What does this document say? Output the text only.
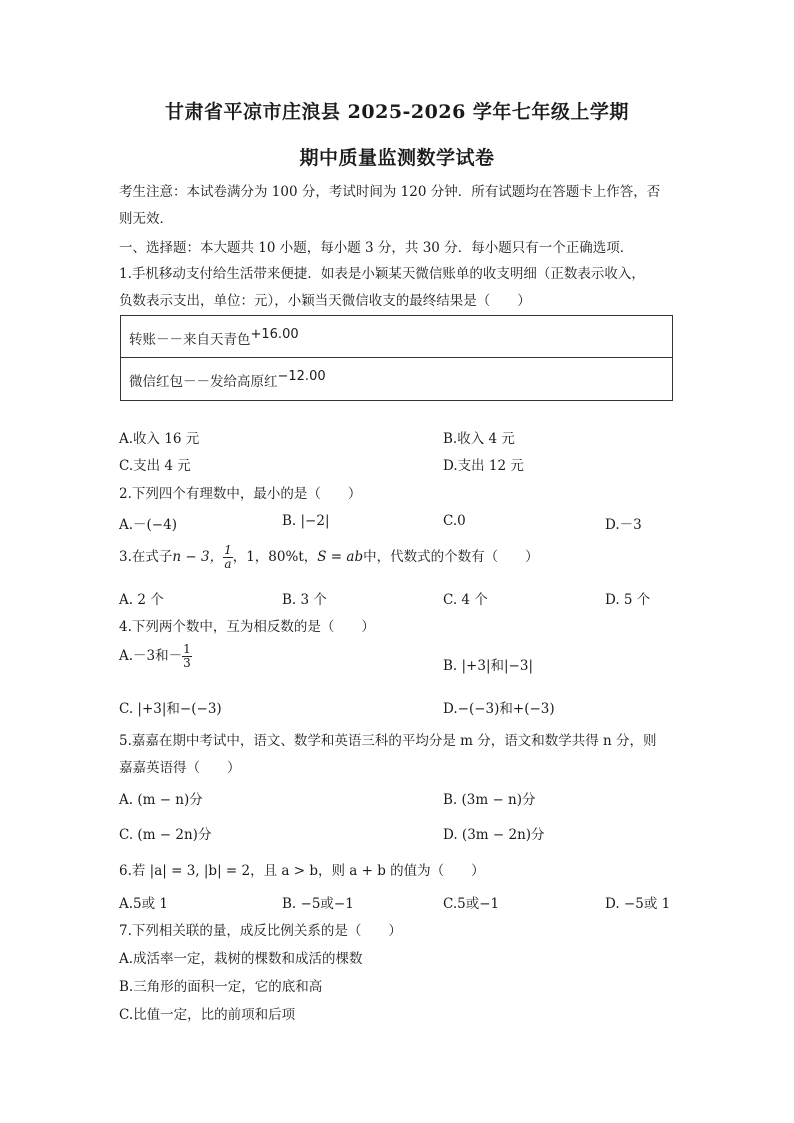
甘肃省平凉市庄浪县 2025-2026 学年七年级上学期
期中质量监测数学试卷
考生注意：本试卷满分为 100 分，考试时间为 120 分钟．所有试题均在答题卡上作答，否
则无效．
一、选择题：本大题共 10 小题，每小题 3 分，共 30 分．每小题只有一个正确选项．
1.手机移动支付给生活带来便捷．如表是小颖某天微信账单的收支明细（正数表示收入，
负数表示支出，单位：元），小颖当天微信收支的最终结果是（　　）
转账－－来自天青色+16.00
微信红包－－发给高原红−12.00
A.收入 16 元	B.收入 4 元
C.支出 4 元	D.支出 12 元
2.下列四个有理数中，最小的是（　　）
A.－(−4)	B. |−2|	C.0	D.－3
3.在式子n − 3， $\frac{1}{a}$ ，1，80%t，S = ab中，代数式的个数有（　　）
A. 2 个	B. 3 个	C. 4 个	D. 5 个
4.下列两个数中，互为相反数的是（　　）
A.－3和－ $\frac{1}{3}$	B. |+3|和|−3|
C. |+3|和−(−3)	D.−(−3)和+(−3)
5.嘉嘉在期中考试中，语文、数学和英语三科的平均分是 m 分，语文和数学共得 n 分，则
嘉嘉英语得（　　）
A. (m − n)分	B. (3m − n)分
C. (m − 2n)分	D. (3m − 2n)分
6.若 |a| = 3, |b| = 2，且 a > b，则 a + b 的值为（　　）
A.5或 1	B. −5或−1	C.5或−1	D. −5或 1
7.下列相关联的量，成反比例关系的是（　　）
A.成活率一定，栽树的棵数和成活的棵数
B.三角形的面积一定，它的底和高
C.比值一定，比的前项和后项
